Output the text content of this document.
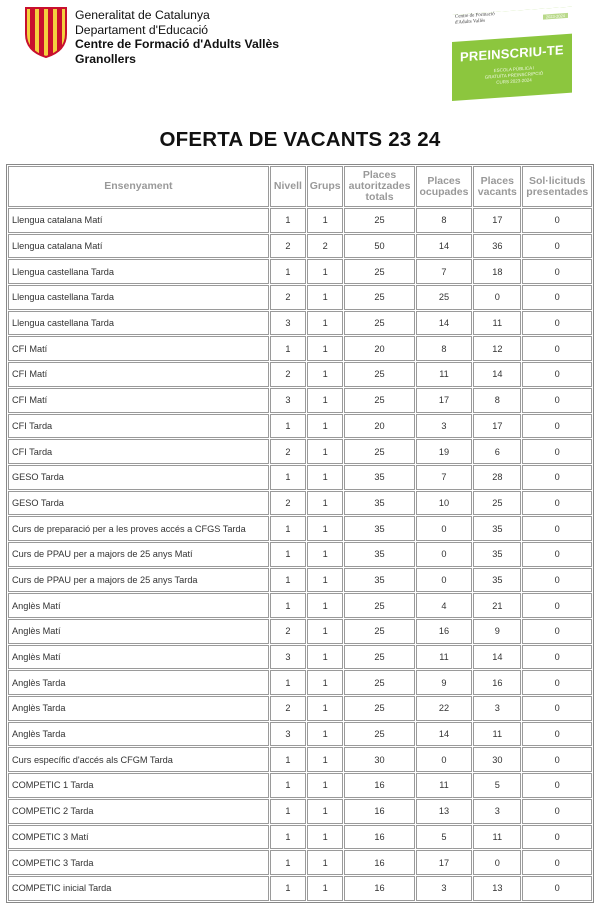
Generalitat de Catalunya
Departament d'Educació
Centre de Formació d'Adults Vallès
Granollers
Centre de Formació d'Adults Vallès
2023-2024
PREINSCRIU-TE
ESCOLA PÚBLICA I GRATUÏTA PREINSCRIPCIÓ CURS 2023-2024
OFERTA DE VACANTS 23 24
Ensenyament	Nivell	Grups	Places autoritzades totals	Places ocupades	Places vacants	Sol·licituds presentades
Llengua catalana Matí	1	1	25	8	17	0
Llengua catalana Matí	2	2	50	14	36	0
Llengua castellana Tarda	1	1	25	7	18	0
Llengua castellana Tarda	2	1	25	25	0	0
Llengua castellana Tarda	3	1	25	14	11	0
CFI Matí	1	1	20	8	12	0
CFI Matí	2	1	25	11	14	0
CFI Matí	3	1	25	17	8	0
CFI Tarda	1	1	20	3	17	0
CFI Tarda	2	1	25	19	6	0
GESO Tarda	1	1	35	7	28	0
GESO Tarda	2	1	35	10	25	0
Curs de preparació per a les proves accés a CFGS Tarda	1	1	35	0	35	0
Curs de PPAU per a majors de 25 anys Matí	1	1	35	0	35	0
Curs de PPAU per a majors de 25 anys Tarda	1	1	35	0	35	0
Anglès Matí	1	1	25	4	21	0
Anglès Matí	2	1	25	16	9	0
Anglès Matí	3	1	25	11	14	0
Anglès Tarda	1	1	25	9	16	0
Anglès Tarda	2	1	25	22	3	0
Anglès Tarda	3	1	25	14	11	0
Curs específic d'accés als CFGM Tarda	1	1	30	0	30	0
COMPETIC 1 Tarda	1	1	16	11	5	0
COMPETIC 2 Tarda	1	1	16	13	3	0
COMPETIC 3 Matí	1	1	16	5	11	0
COMPETIC 3 Tarda	1	1	16	17	0	0
COMPETIC inicial Tarda	1	1	16	3	13	0
